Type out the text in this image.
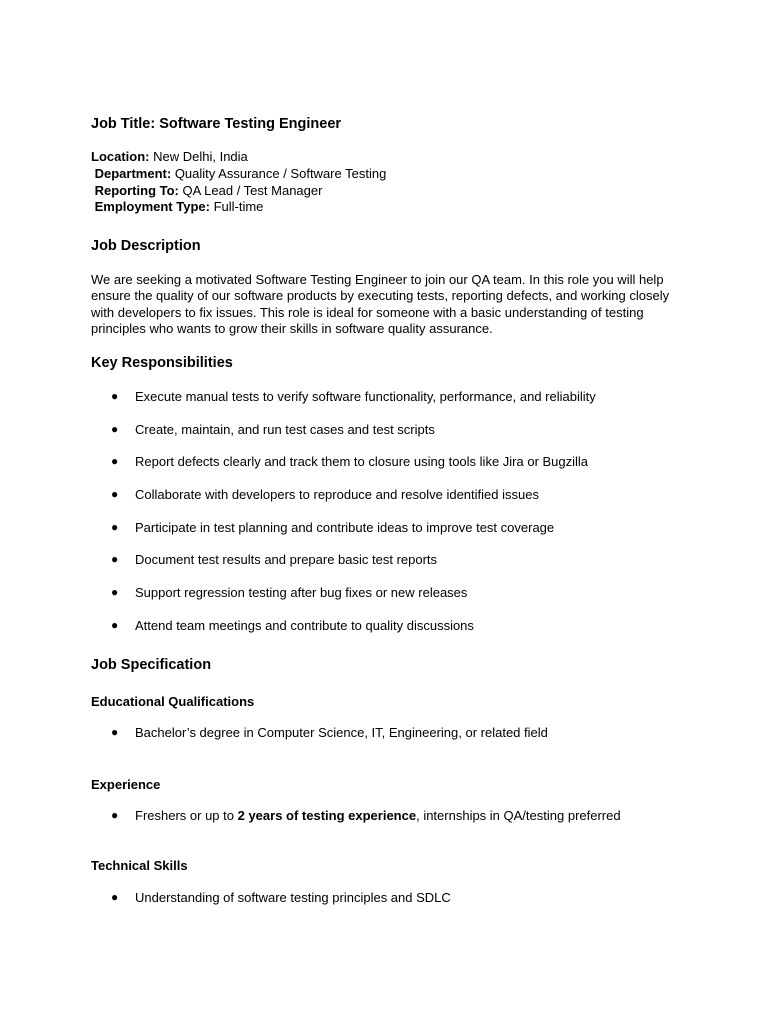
Job Title: Software Testing Engineer
Location: New Delhi, India
Department: Quality Assurance / Software Testing
Reporting To: QA Lead / Test Manager
Employment Type: Full-time
Job Description
We are seeking a motivated Software Testing Engineer to join our QA team. In this role you will help ensure the quality of our software products by executing tests, reporting defects, and working closely with developers to fix issues. This role is ideal for someone with a basic understanding of testing principles who wants to grow their skills in software quality assurance.
Key Responsibilities
● Execute manual tests to verify software functionality, performance, and reliability
● Create, maintain, and run test cases and test scripts
● Report defects clearly and track them to closure using tools like Jira or Bugzilla
● Collaborate with developers to reproduce and resolve identified issues
● Participate in test planning and contribute ideas to improve test coverage
● Document test results and prepare basic test reports
● Support regression testing after bug fixes or new releases
● Attend team meetings and contribute to quality discussions
Job Specification
Educational Qualifications
● Bachelor’s degree in Computer Science, IT, Engineering, or related field
Experience
● Freshers or up to 2 years of testing experience, internships in QA/testing preferred
Technical Skills
● Understanding of software testing principles and SDLC
